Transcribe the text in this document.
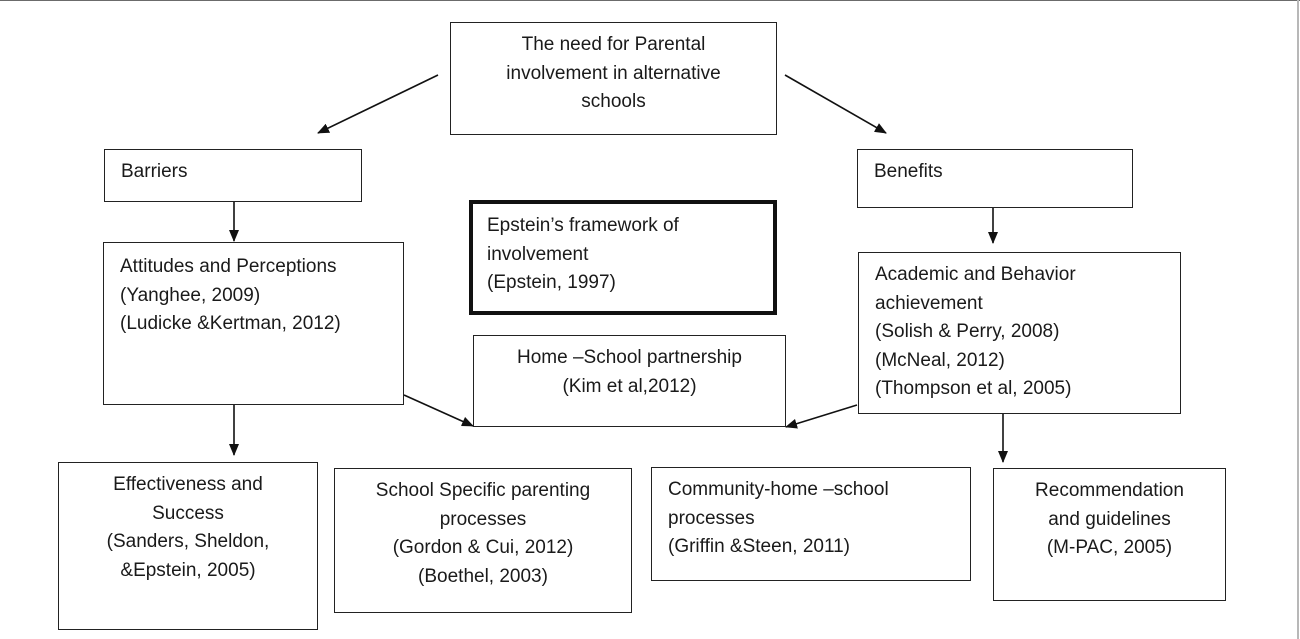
The need for Parental
involvement in alternative
schools
Barriers	Benefits
Epstein’s framework of
involvement
(Epstein, 1997)
Attitudes and Perceptions
(Yanghee, 2009)
(Ludicke &Kertman, 2012)
Academic and Behavior
achievement
(Solish & Perry, 2008)
(McNeal, 2012)
(Thompson et al, 2005)
Home –School partnership
(Kim et al,2012)
Effectiveness and
Success
(Sanders, Sheldon,
&Epstein, 2005)
School Specific parenting
processes
(Gordon & Cui, 2012)
(Boethel, 2003)
Community-home –school
processes
(Griffin &Steen, 2011)
Recommendation
and guidelines
(M-PAC, 2005)
